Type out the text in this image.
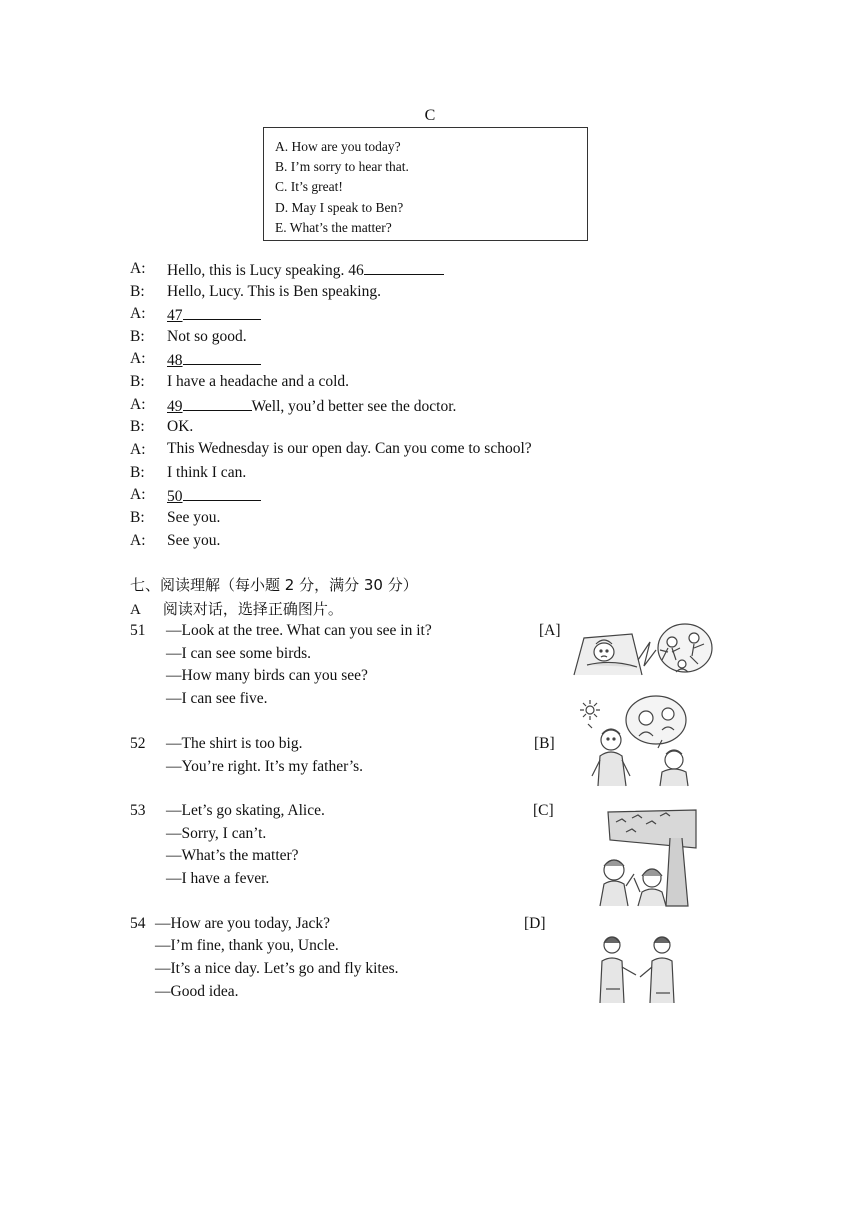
C
A. How are you today?
B. I’m sorry to hear that.
C. It’s great!
D. May I speak to Ben?
E. What’s the matter?
A: Hello, this is Lucy speaking. 46
B: Hello, Lucy. This is Ben speaking.
A: 47
B: Not so good.
A: 48
B: I have a headache and a cold.
A: 49	Well, you’d better see the doctor.
B: OK.
A: This Wednesday is our open day. Can you come to school?
B: I think I can.
A: 50
B: See you.
A: See you.
七、阅读理解（每小题 2 分，满分 30 分）
A 阅读对话，选择正确图片。
51 —Look at the tree. What can you see in it?
—I can see some birds.
—How many birds can you see?
—I can see five.
52 —The shirt is too big.
—You’re right. It’s my father’s.
53 —Let’s go skating, Alice.
—Sorry, I can’t.
—What’s the matter?
—I have a fever.
54 —How are you today, Jack?
—I’m fine, thank you, Uncle.
—It’s a nice day. Let’s go and fly kites.
—Good idea.
[A]
[B]
[C]
[D]
